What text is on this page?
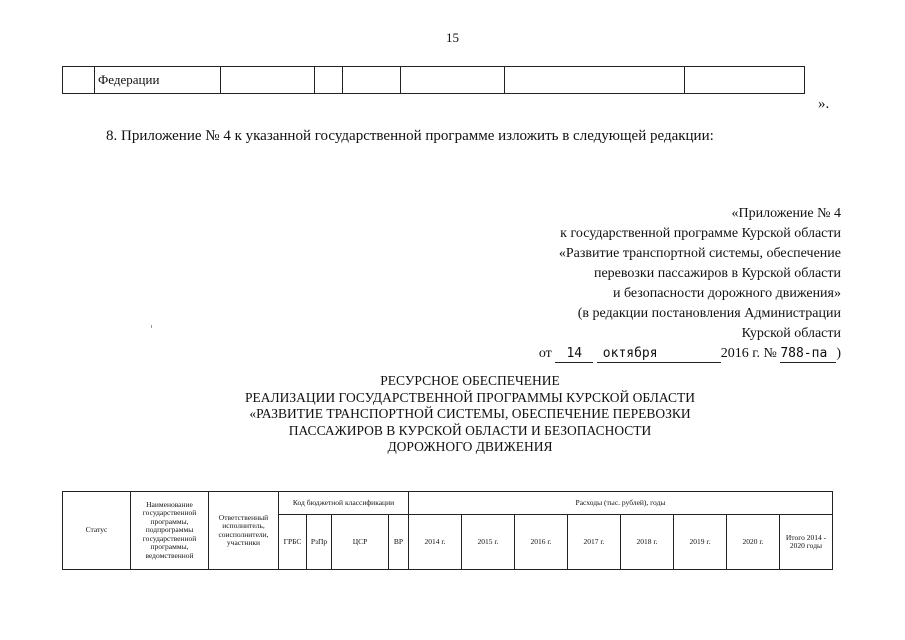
15
	Федерации						
».
8. Приложение № 4 к указанной государственной программе изложить в следующей редакции:
«Приложение № 4
к государственной программе Курской области
«Развитие транспортной системы, обеспечение
перевозки пассажиров в Курской области
и безопасности дорожного движения»
(в редакции постановления Администрации
Курской области
от 14 октября	2016 г. № 788-па )
РЕСУРСНОЕ ОБЕСПЕЧЕНИЕ
РЕАЛИЗАЦИИ ГОСУДАРСТВЕННОЙ ПРОГРАММЫ КУРСКОЙ ОБЛАСТИ
«РАЗВИТИЕ ТРАНСПОРТНОЙ СИСТЕМЫ, ОБЕСПЕЧЕНИЕ ПЕРЕВОЗКИ
ПАССАЖИРОВ В КУРСКОЙ ОБЛАСТИ И БЕЗОПАСНОСТИ
ДОРОЖНОГО ДВИЖЕНИЯ
Статус	Наименование государственной программы, подпрограммы государственной программы, ведомственной	Ответственный исполнитель, соисполнители, участники	Код бюджетной классификации				Расходы (тыс. рублей), годы							
			ГРБС	РзПр	ЦСР	ВР	2014 г.	2015 г.	2016 г.	2017 г.	2018 г.	2019 г.	2020 г.	Итого 2014 - 2020 годы
